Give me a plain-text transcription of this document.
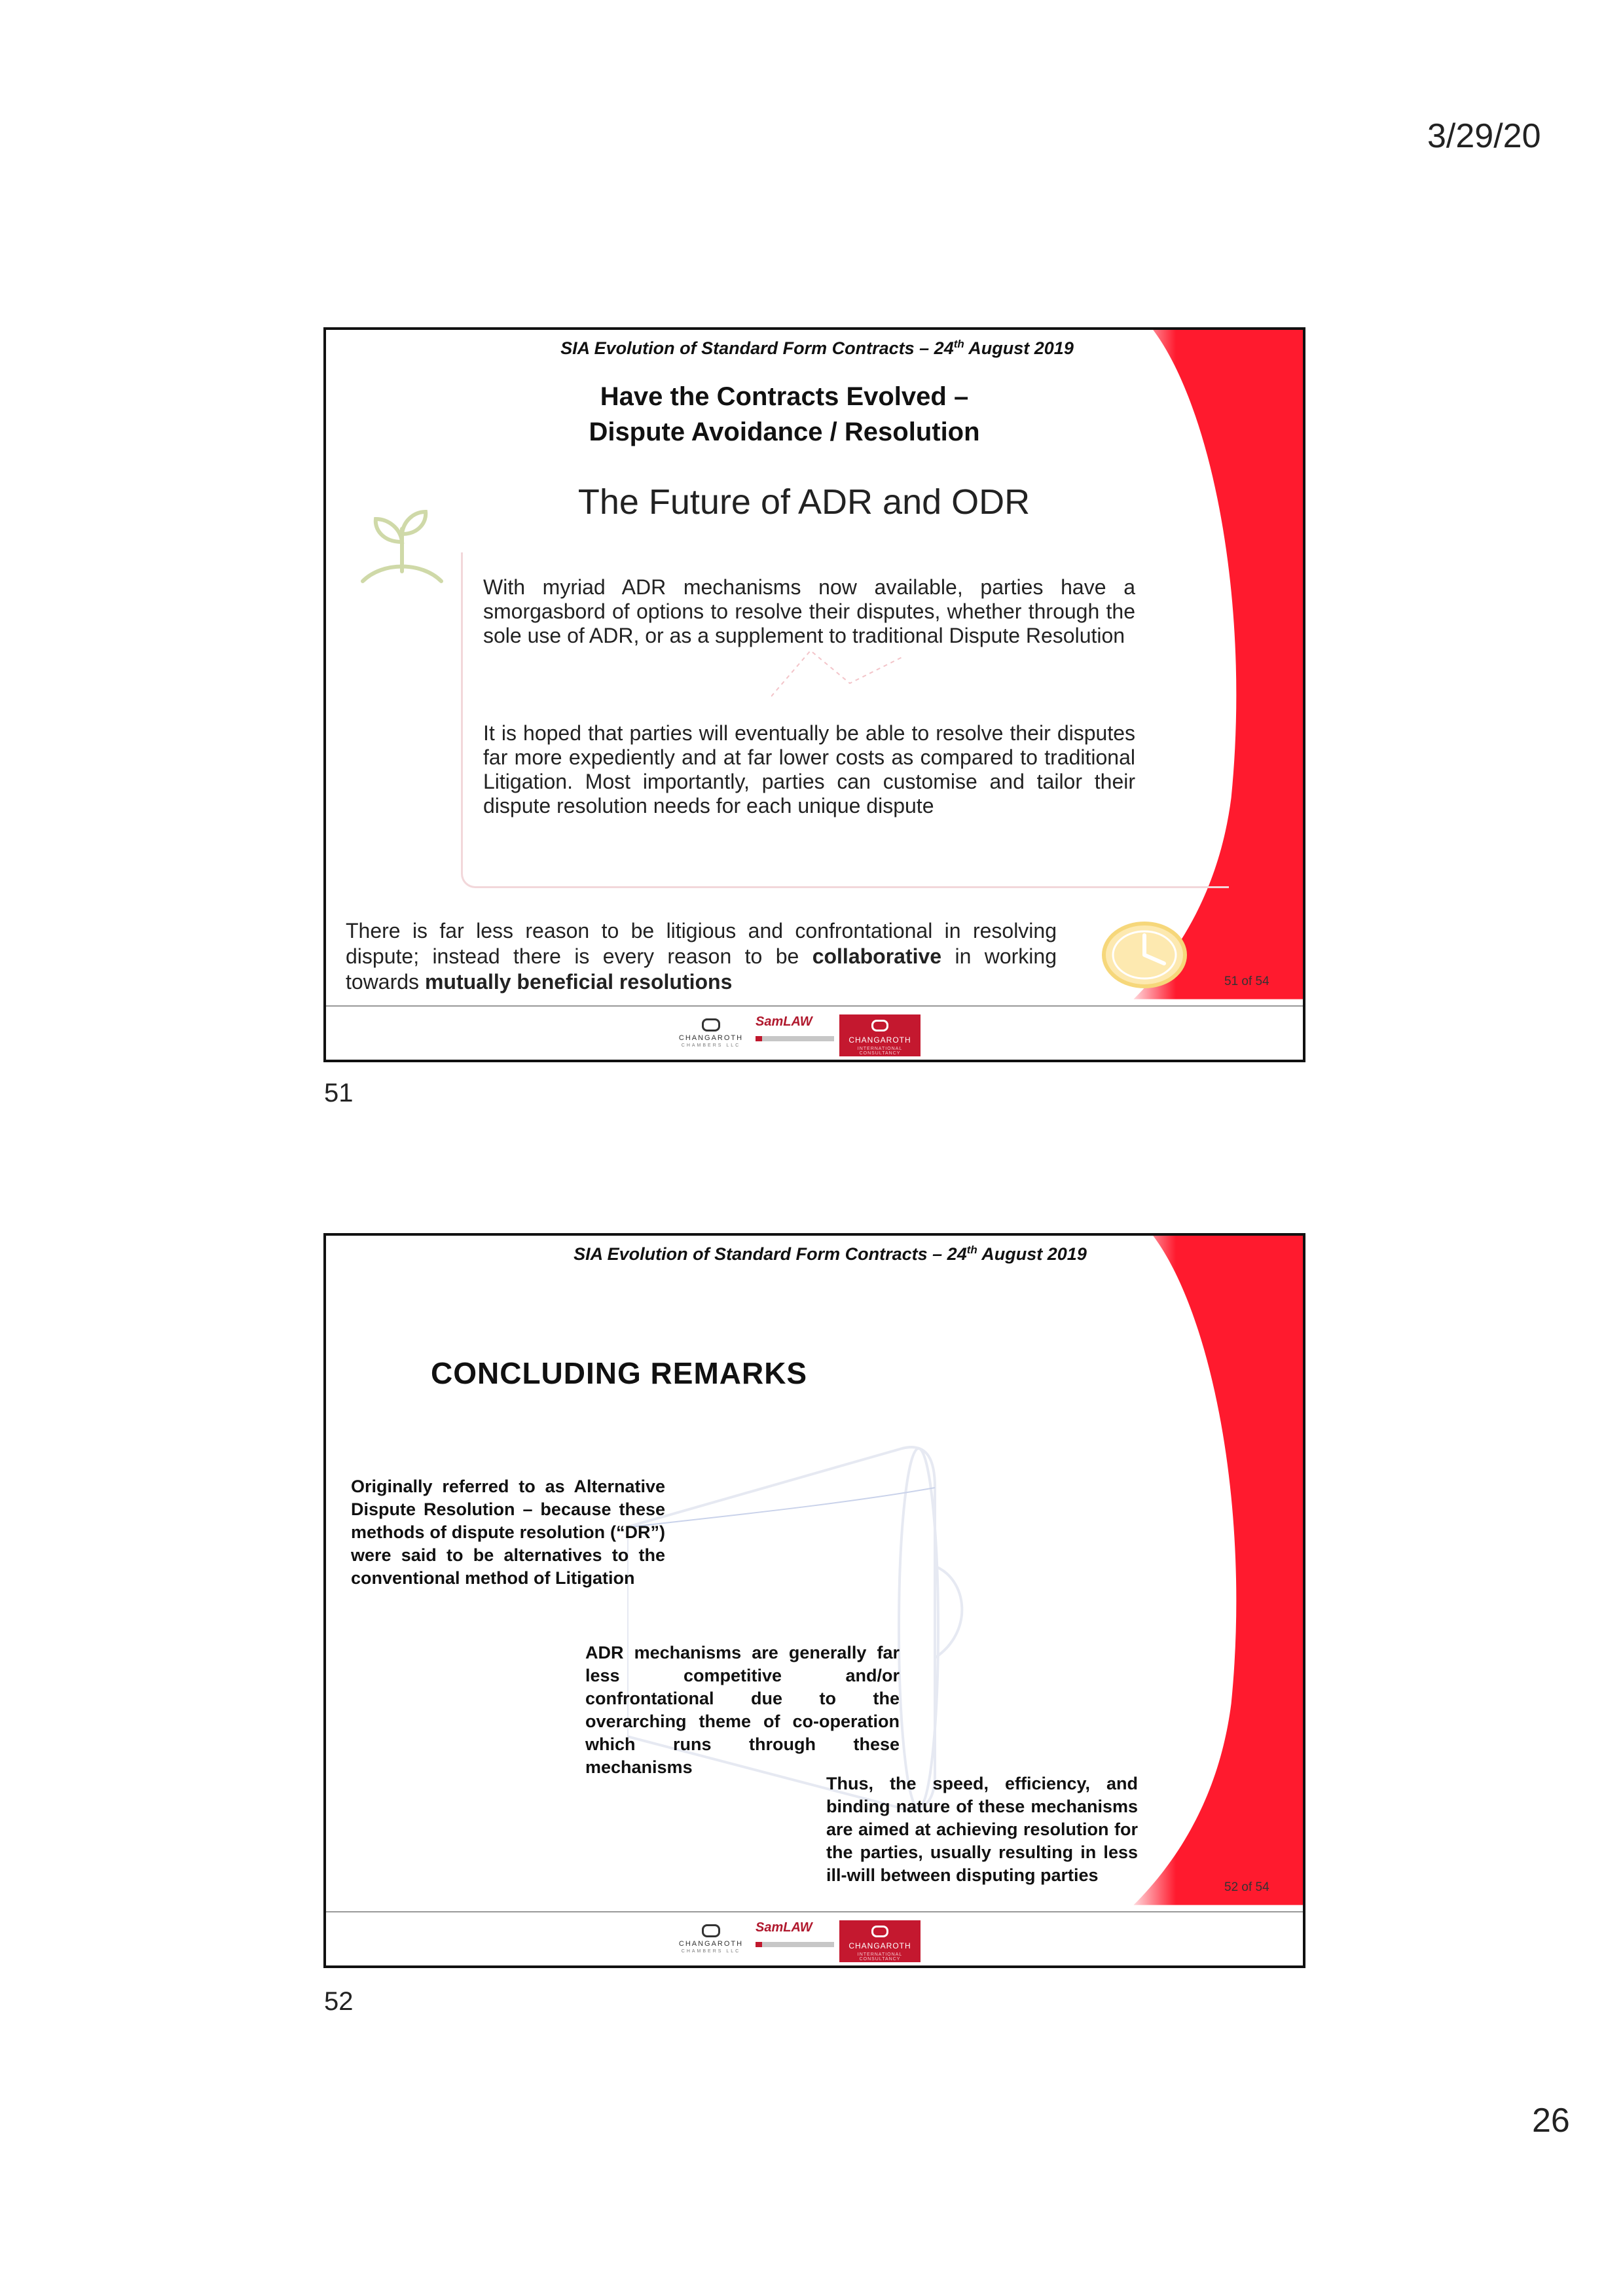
3/29/20
SIA Evolution of Standard Form Contracts – 24th August 2019
Have the Contracts Evolved –
Dispute Avoidance / Resolution
The Future of ADR and ODR
With myriad ADR mechanisms now available, parties have a smorgasbord of options to resolve their disputes, whether through the sole use of ADR, or as a supplement to traditional Dispute Resolution
It is hoped that parties will eventually be able to resolve their disputes far more expediently and at far lower costs as compared to traditional Litigation. Most importantly, parties can customise and tailor their dispute resolution needs for each unique dispute
There is far less reason to be litigious and confrontational in resolving dispute; instead there is every reason to be collaborative in working towards mutually beneficial resolutions	51 of 54
CHANGAROTH
CHAMBERS LLC
SamLAW
CHANGAROTH
INTERNATIONAL CONSULTANCY
51
SIA Evolution of Standard Form Contracts – 24th August 2019
CONCLUDING REMARKS
Originally referred to as Alternative Dispute Resolution – because these methods of dispute resolution (“DR”) were said to be alternatives to the conventional method of Litigation
ADR mechanisms are generally far less competitive and/or confrontational due to the overarching theme of co-operation which runs through these mechanisms
Thus, the speed, efficiency, and binding nature of these mechanisms are aimed at achieving resolution for the parties, usually resulting in less ill-will between disputing parties
52 of 54
CHANGAROTH
CHAMBERS LLC
SamLAW
CHANGAROTH
INTERNATIONAL CONSULTANCY
52
26
